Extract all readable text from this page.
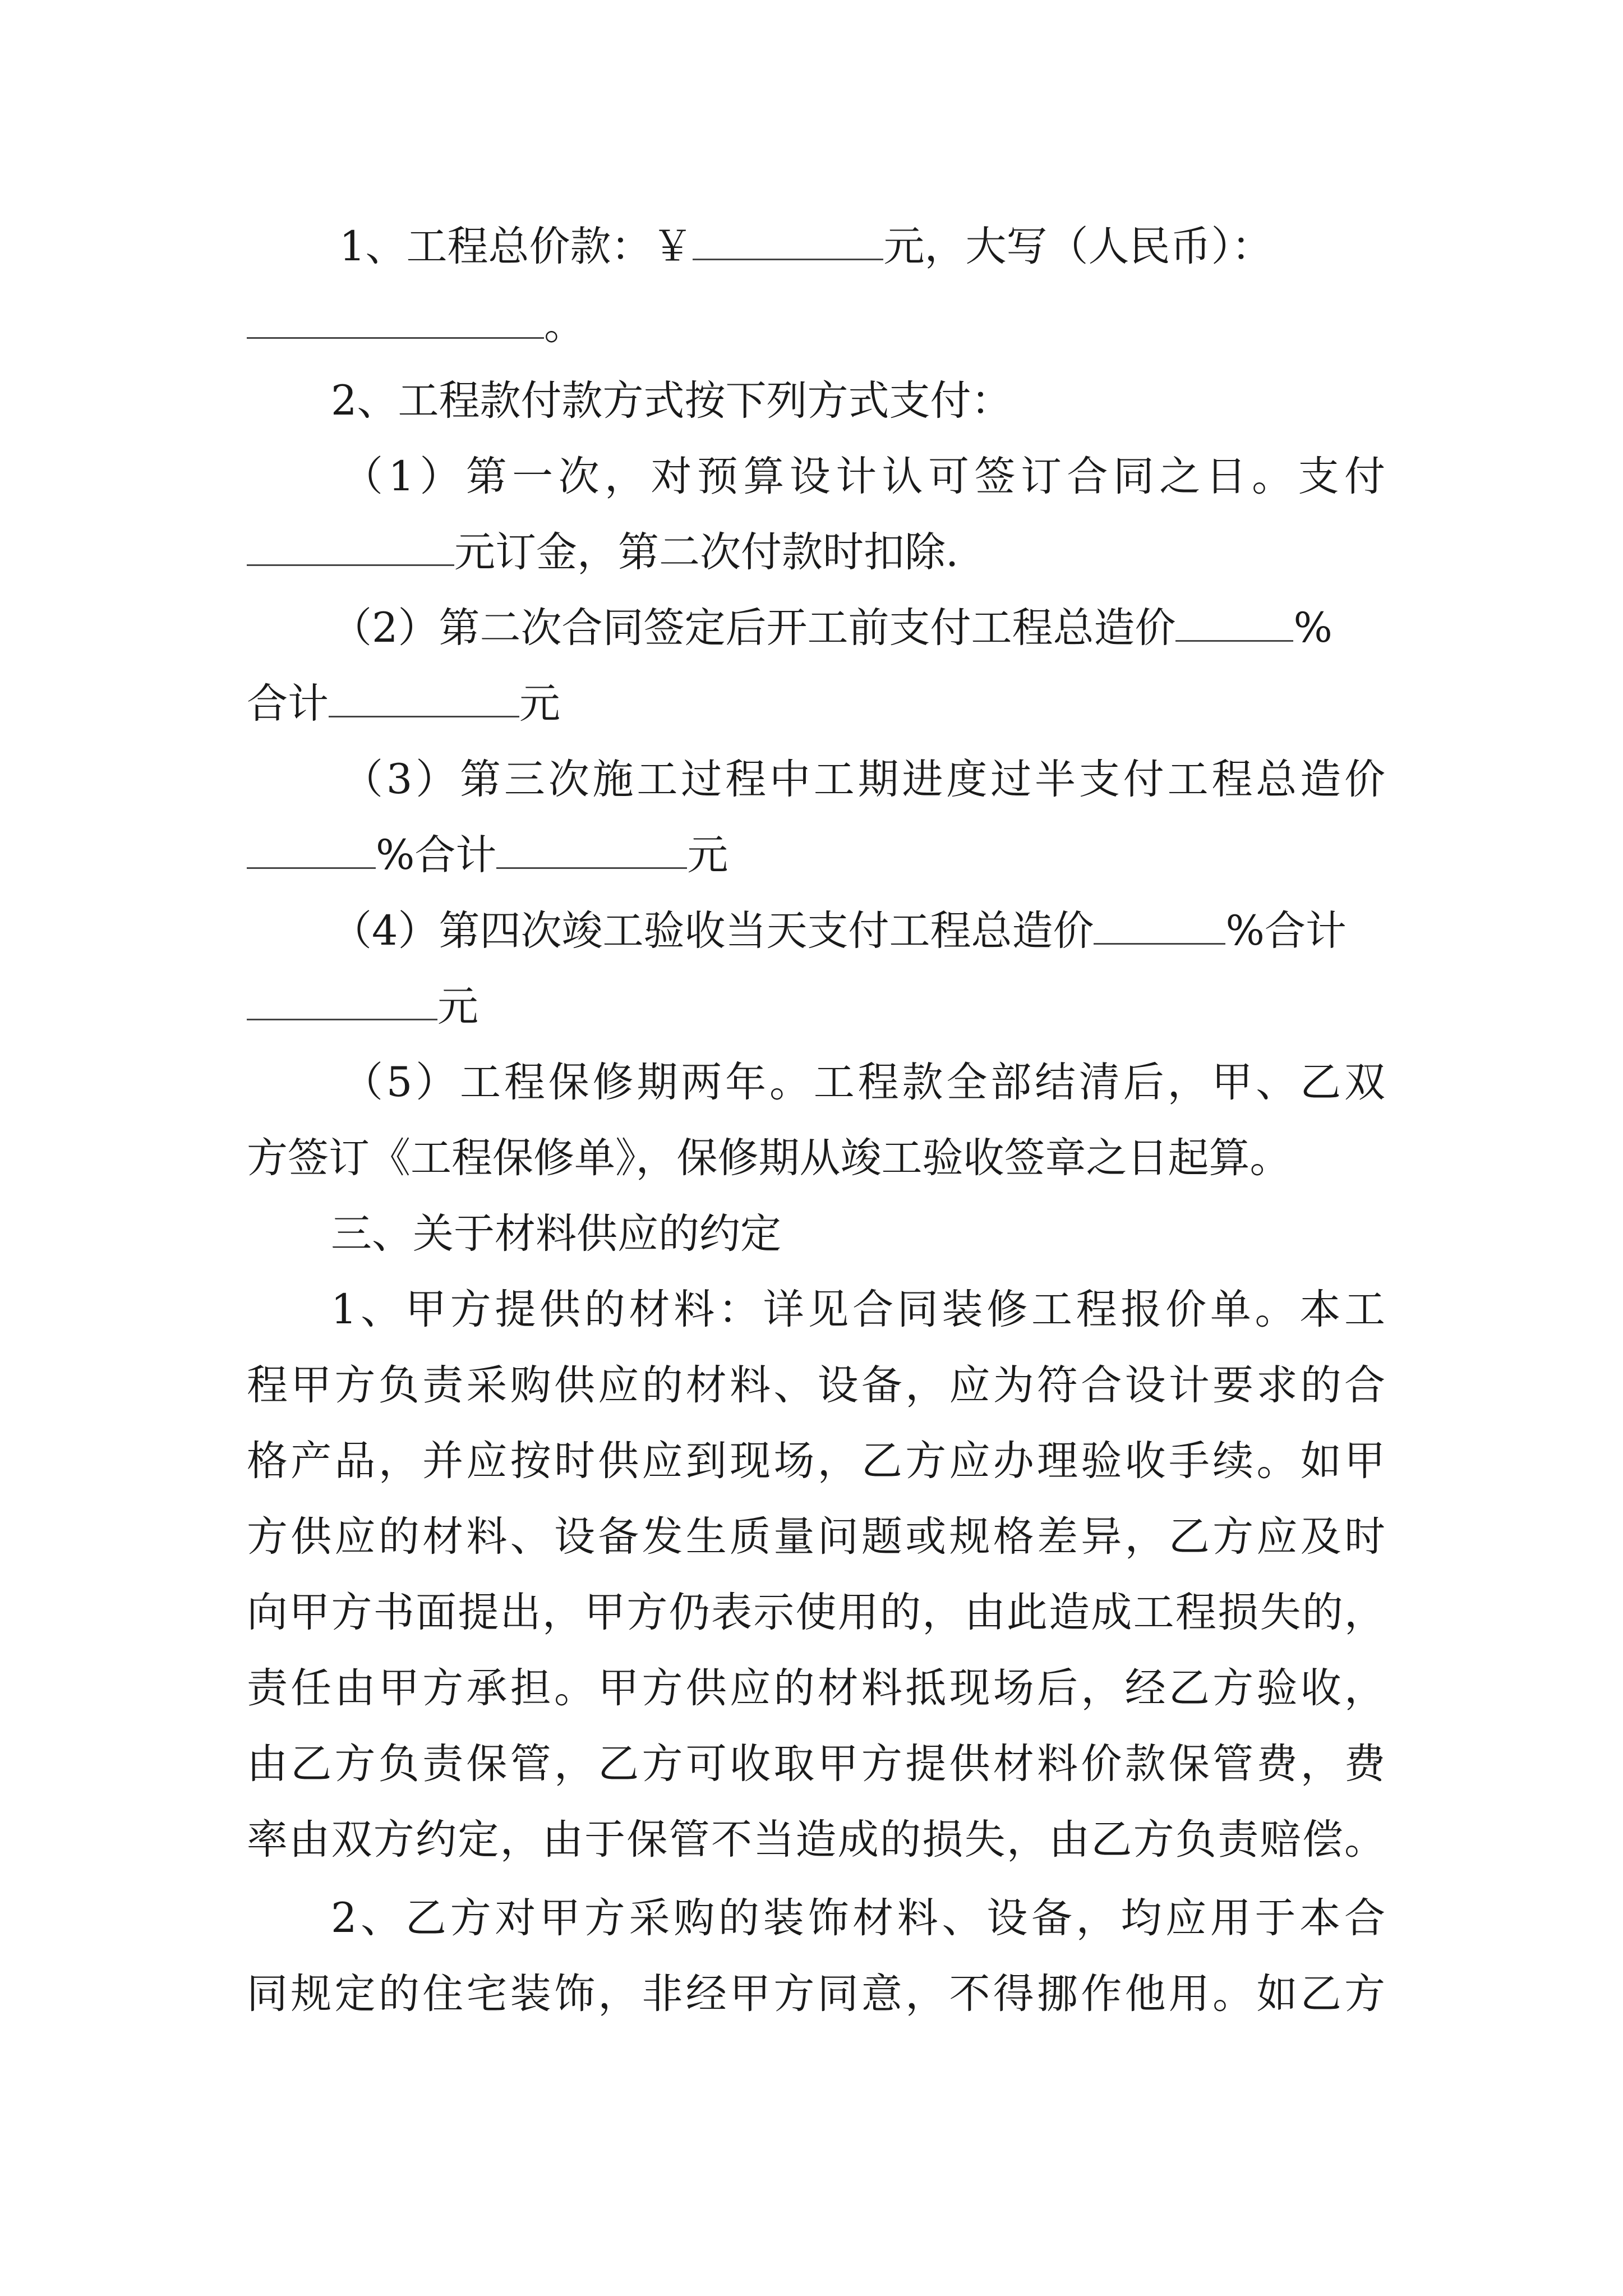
1、工程总价款：￥	元，大写（人民币）：
。
2、工程款付款方式按下列方式支付：
（1）第一次，对预算设计认可签订合同之日。支付
元订金，第二次付款时扣除.
（2）第二次合同签定后开工前支付工程总造价	%
合计	元
（3）第三次施工过程中工期进度过半支付工程总造价
%合计	元
（4）第四次竣工验收当天支付工程总造价	%合计
元
（5）工程保修期两年。工程款全部结清后，甲、乙双
方签订《工程保修单》，保修期从竣工验收签章之日起算。
三、关于材料供应的约定
1、甲方提供的材料：详见合同装修工程报价单。本工
程甲方负责采购供应的材料、设备，应为符合设计要求的合
格产品，并应按时供应到现场，乙方应办理验收手续。如甲
方供应的材料、设备发生质量问题或规格差异，乙方应及时
向甲方书面提出，甲方仍表示使用的，由此造成工程损失的，
责任由甲方承担。甲方供应的材料抵现场后，经乙方验收，
由乙方负责保管，乙方可收取甲方提供材料价款保管费，费
率由双方约定，由于保管不当造成的损失，由乙方负责赔偿。
2、乙方对甲方采购的装饰材料、设备，均应用于本合
同规定的住宅装饰，非经甲方同意，不得挪作他用。如乙方
